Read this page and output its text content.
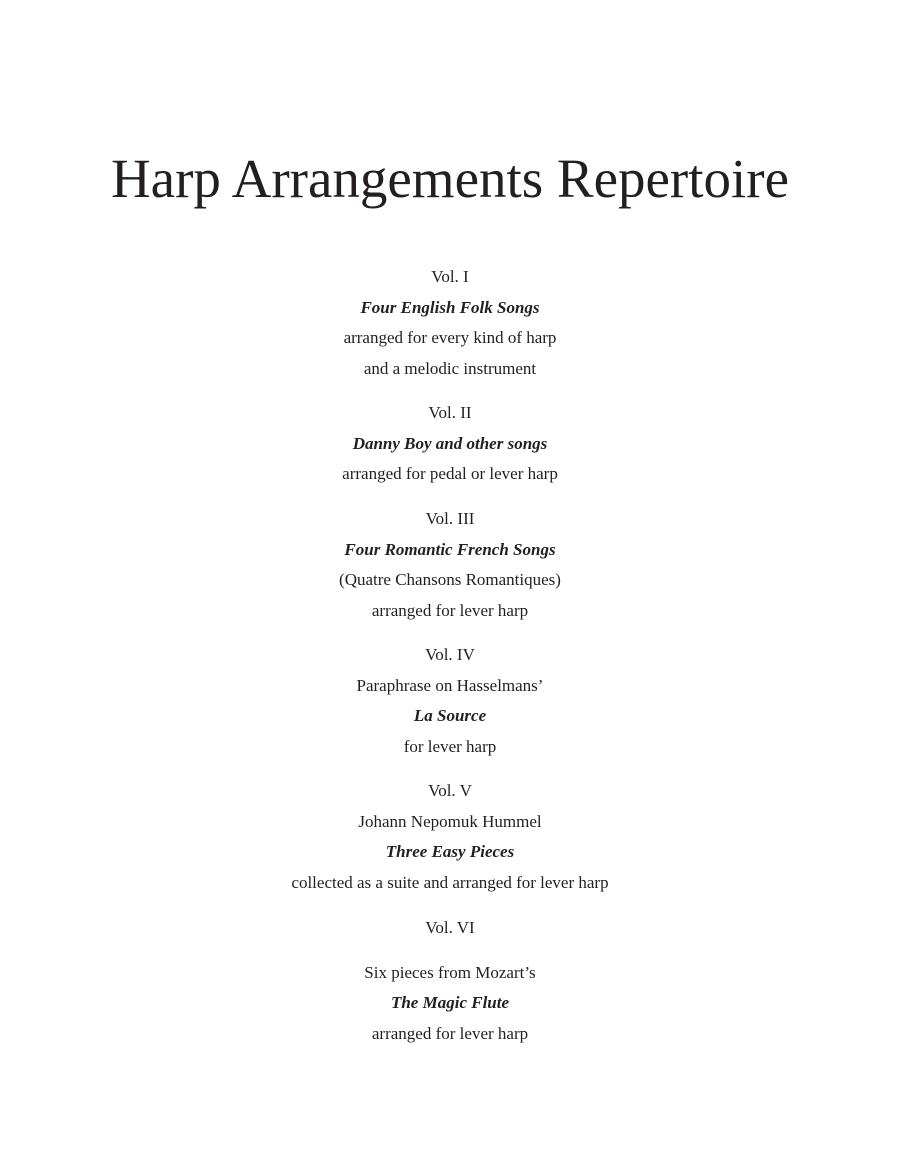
Harp Arrangements Repertoire
Vol. I
Four English Folk Songs
arranged for every kind of harp
and a melodic instrument
Vol. II
Danny Boy and other songs
arranged for pedal or lever harp
Vol. III
Four Romantic French Songs
(Quatre Chansons Romantiques)
arranged for lever harp
Vol. IV
Paraphrase on Hasselmans’
La Source
for lever harp
Vol. V
Johann Nepomuk Hummel
Three Easy Pieces
collected as a suite and arranged for lever harp
Vol. VI
Six pieces from Mozart’s
The Magic Flute
arranged for lever harp
